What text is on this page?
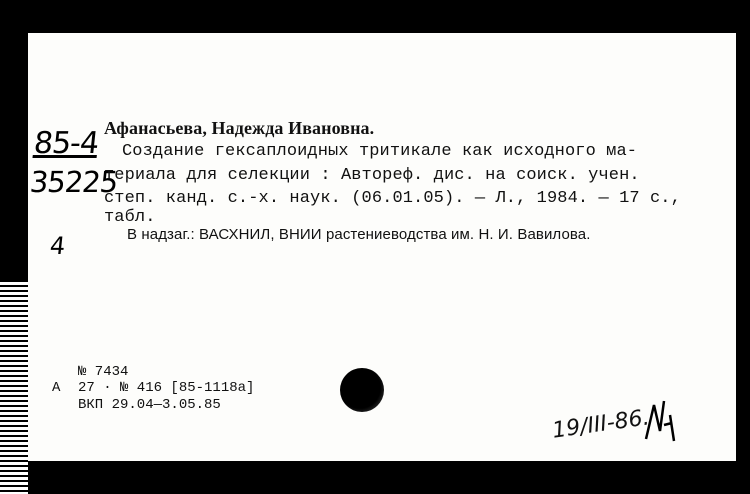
85-4
35225
4
Афанасьева, Надежда Ивановна.
Создание гексаплоидных тритикале как исходного ма-
териала для селекции : Автореф. дис. на соиск. учен.
степ. канд. с.-х. наук. (06.01.05). — Л., 1984. — 17 с.,
табл.
В надзаг.: ВАСХНИЛ, ВНИИ растениеводства им. Н. И. Вавилова.
№ 7434
А 27 · № 416 [85-1118а]
ВКП 29.04—3.05.85
19/III-86.
